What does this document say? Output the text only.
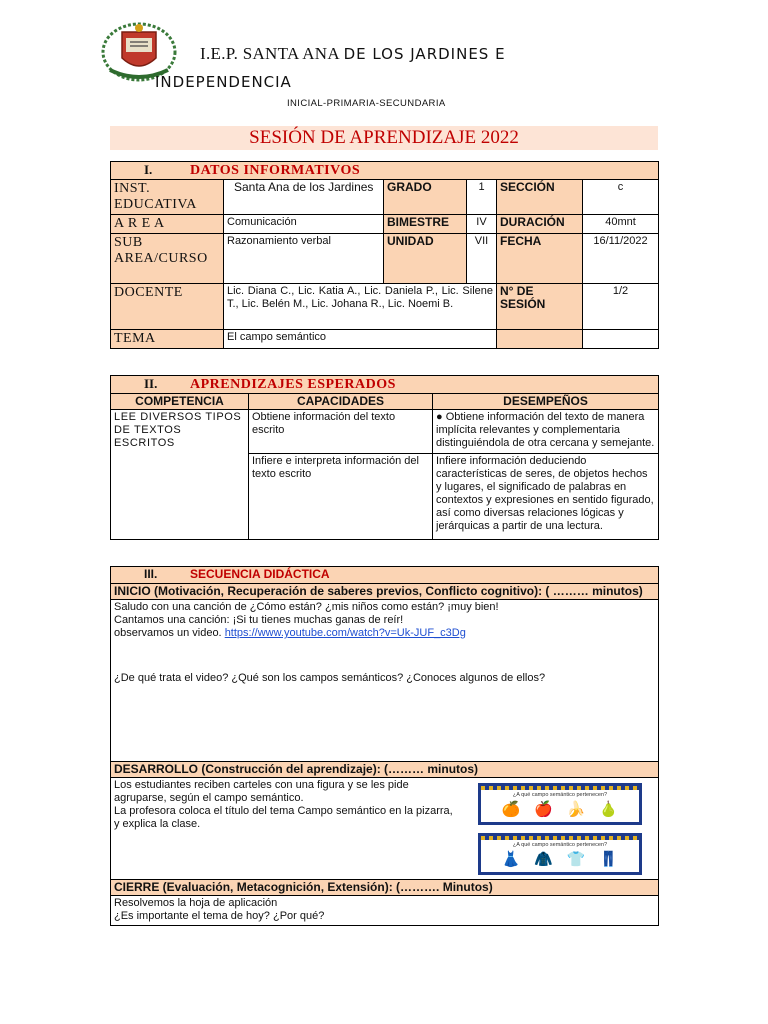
I.E.P. SANTA ANA DE LOS JARDINES E
INDEPENDENCIA
INICIAL-PRIMARIA-SECUNDARIA
SESIÓN DE APRENDIZAJE 2022
I. DATOS INFORMATIVOS					
INST. EDUCATIVA	Santa Ana de los Jardines	GRADO	1	SECCIÓN	c
A R E A	Comunicación	BIMESTRE	IV	DURACIÓN	40mnt
SUB AREA/CURSO	Razonamiento verbal	UNIDAD	VII	FECHA	16/11/2022
DOCENTE	Lic. Diana C., Lic. Katia A., Lic. Daniela P., Lic. Silene T., Lic. Belén M., Lic. Johana R., Lic. Noemi B.			N° DE SESIÓN	1/2
TEMA	El campo semántico				
II. APRENDIZAJES ESPERADOS		
COMPETENCIA	CAPACIDADES	DESEMPEÑOS
LEE DIVERSOS TIPOS DE TEXTOS ESCRITOS	Obtiene información del texto escrito	● Obtiene información del texto de manera implícita relevantes y complementaria distinguiéndola de otra cercana y semejante.
	Infiere e interpreta información del texto escrito	Infiere información deduciendo características de seres, de objetos hechos y lugares, el significado de palabras en contextos y expresiones en sentido figurado, así como diversas relaciones lógicas y jerárquicas a partir de una lectura.
III.	SECUENCIA DIDÁCTICA
INICIO (Motivación, Recuperación de saberes previos, Conflicto cognitivo): ( ……… minutos)

Saludo con una canción de ¿Cómo están? ¿mis niños como están? ¡muy bien!
Cantamos una canción: ¡Si tu tienes muchas ganas de reír!
observamos un video. https://www.youtube.com/watch?v=Uk-JUF_c3Dg
¿De qué trata el video? ¿Qué son los campos semánticos? ¿Conoces algunos de ellos?

DESARROLLO (Construcción del aprendizaje): (……… minutos)

Los estudiantes reciben carteles con una figura y se les pide agruparse, según el campo semántico.
La profesora coloca el título del tema Campo semántico en la pizarra, y explica la clase.

CIERRE (Evaluación, Metacognición, Extensión): (………. Minutos)

Resolvemos la hoja de aplicación
¿Es importante el tema de hoy? ¿Por qué?
¿A qué campo semántico pertenecen?
🍊 🍎 🍌 🍐
¿A qué campo semántico pertenecen?
👗 🧥 👕 👖
